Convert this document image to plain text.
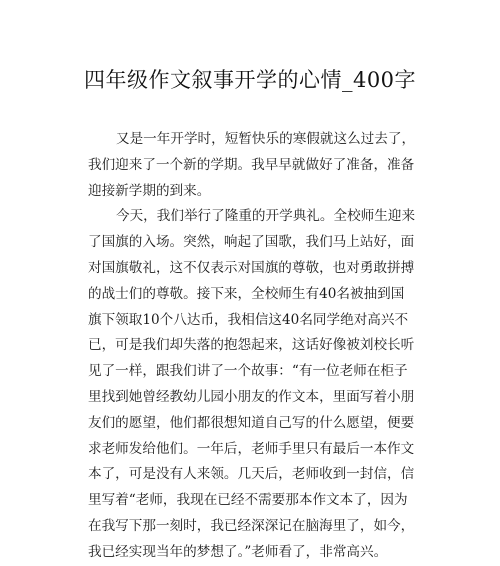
四年级作文叙事开学的心情_400字
又是一年开学时，短暂快乐的寒假就这么过去了，
我们迎来了一个新的学期。我早早就做好了准备，准备
迎接新学期的到来。
今天，我们举行了隆重的开学典礼。全校师生迎来
了国旗的入场。突然，响起了国歌，我们马上站好，面
对国旗敬礼，这不仅表示对国旗的尊敬，也对勇敢拼搏
的战士们的尊敬。接下来，全校师生有40名被抽到国
旗下领取10个八达币，我相信这40名同学绝对高兴不
已，可是我们却失落的抱怨起来，这话好像被刘校长听
见了一样，跟我们讲了一个故事：“有一位老师在柜子
里找到她曾经教幼儿园小朋友的作文本，里面写着小朋
友们的愿望，他们都很想知道自己写的什么愿望，便要
求老师发给他们。一年后，老师手里只有最后一本作文
本了，可是没有人来领。几天后，老师收到一封信，信
里写着“老师，我现在已经不需要那本作文本了，因为
在我写下那一刻时，我已经深深记在脑海里了，如今，
我已经实现当年的梦想了。”老师看了，非常高兴。
